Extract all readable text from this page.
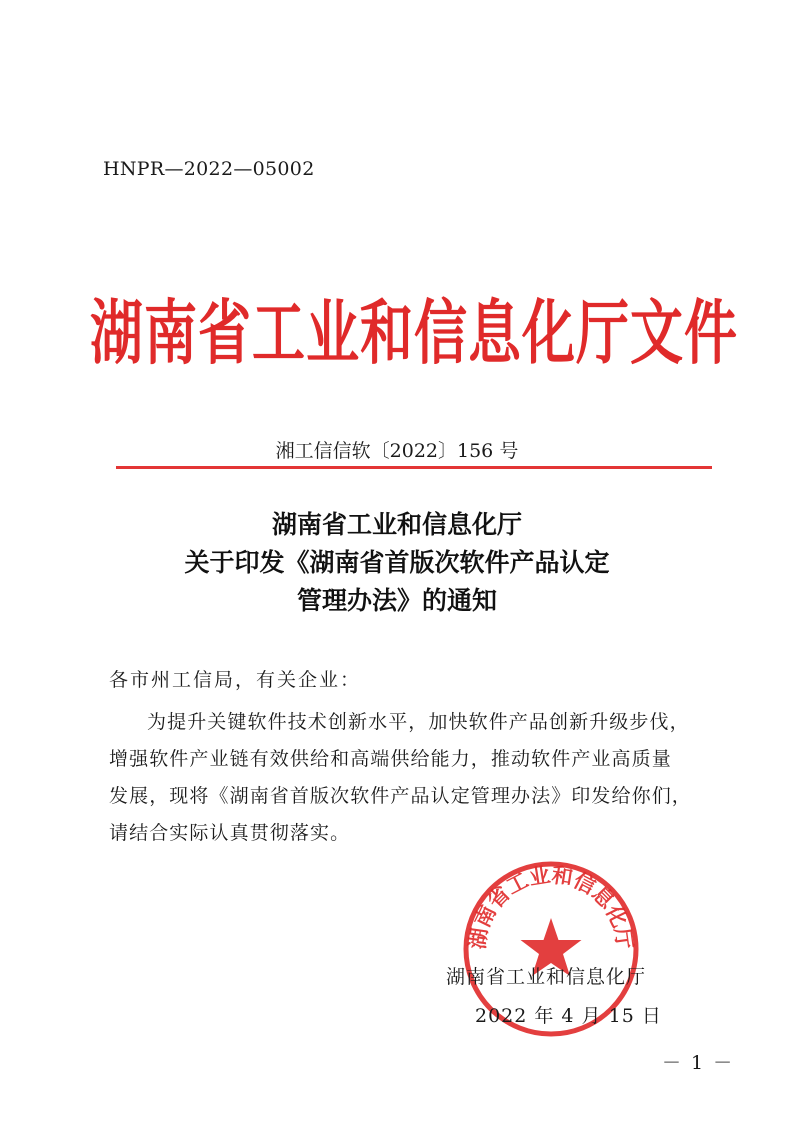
HNPR—2022—05002
湖南省工业和信息化厅文件
湘工信信软〔2022〕156 号
湖南省工业和信息化厅
关于印发《湖南省首版次软件产品认定
管理办法》的通知
各市州工信局，有关企业：
为提升关键软件技术创新水平，加快软件产品创新升级步伐，
增强软件产业链有效供给和高端供给能力，推动软件产业高质量
发展，现将《湖南省首版次软件产品认定管理办法》印发给你们，
请结合实际认真贯彻落实。
湖南省工业和信息化厅
湖南省工业和信息化厅
2022 年 4 月 15 日
－ 1 －
